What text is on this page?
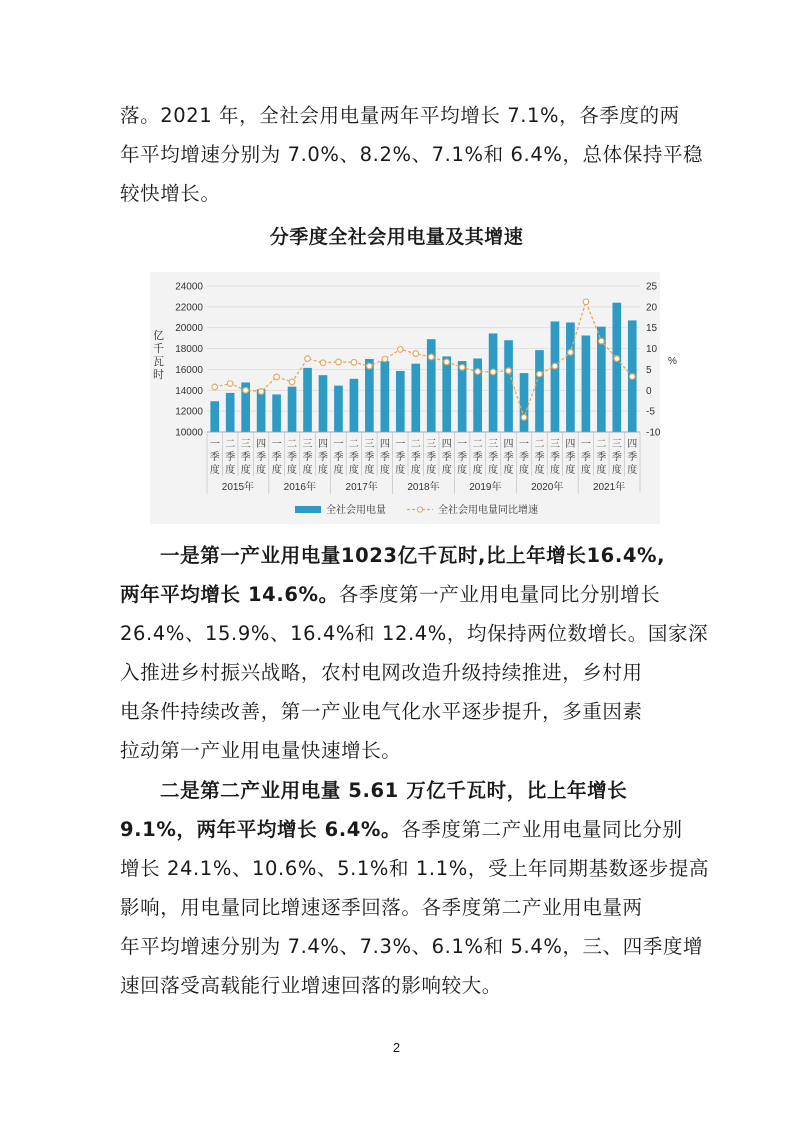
落。2021 年，全社会用电量两年平均增长 7.1%，各季度的两
年平均增速分别为 7.0%、8.2%、7.1%和 6.4%，总体保持平稳
较快增长。
分季度全社会用电量及其增速
24000
22000
20000
18000
16000
14000
12000
10000
25
20
15
10
5
0
-5
-10
亿
千
瓦
时
%
一
季
度
二
季
度
三
季
度
四
季
度
一
季
度
二
季
度
三
季
度
四
季
度
一
季
度
二
季
度
三
季
度
四
季
度
一
季
度
二
季
度
三
季
度
四
季
度
一
季
度
二
季
度
三
季
度
四
季
度
一
季
度
二
季
度
三
季
度
四
季
度
一
季
度
二
季
度
三
季
度
四
季
度
2015年	2016年	2017年	2018年	2019年	2020年	2021年
全社会用电量	全社会用电量同比增速
一是第一产业用电量1023亿千瓦时,比上年增长16.4%,
两年平均增长 14.6%。各季度第一产业用电量同比分别增长
26.4%、15.9%、16.4%和 12.4%，均保持两位数增长。国家深
入推进乡村振兴战略，农村电网改造升级持续推进，乡村用
电条件持续改善，第一产业电气化水平逐步提升，多重因素
拉动第一产业用电量快速增长。
二是第二产业用电量 5.61 万亿千瓦时，比上年增长
9.1%，两年平均增长 6.4%。各季度第二产业用电量同比分别
增长 24.1%、10.6%、5.1%和 1.1%，受上年同期基数逐步提高
影响，用电量同比增速逐季回落。各季度第二产业用电量两
年平均增速分别为 7.4%、7.3%、6.1%和 5.4%，三、四季度增
速回落受高载能行业增速回落的影响较大。
2
